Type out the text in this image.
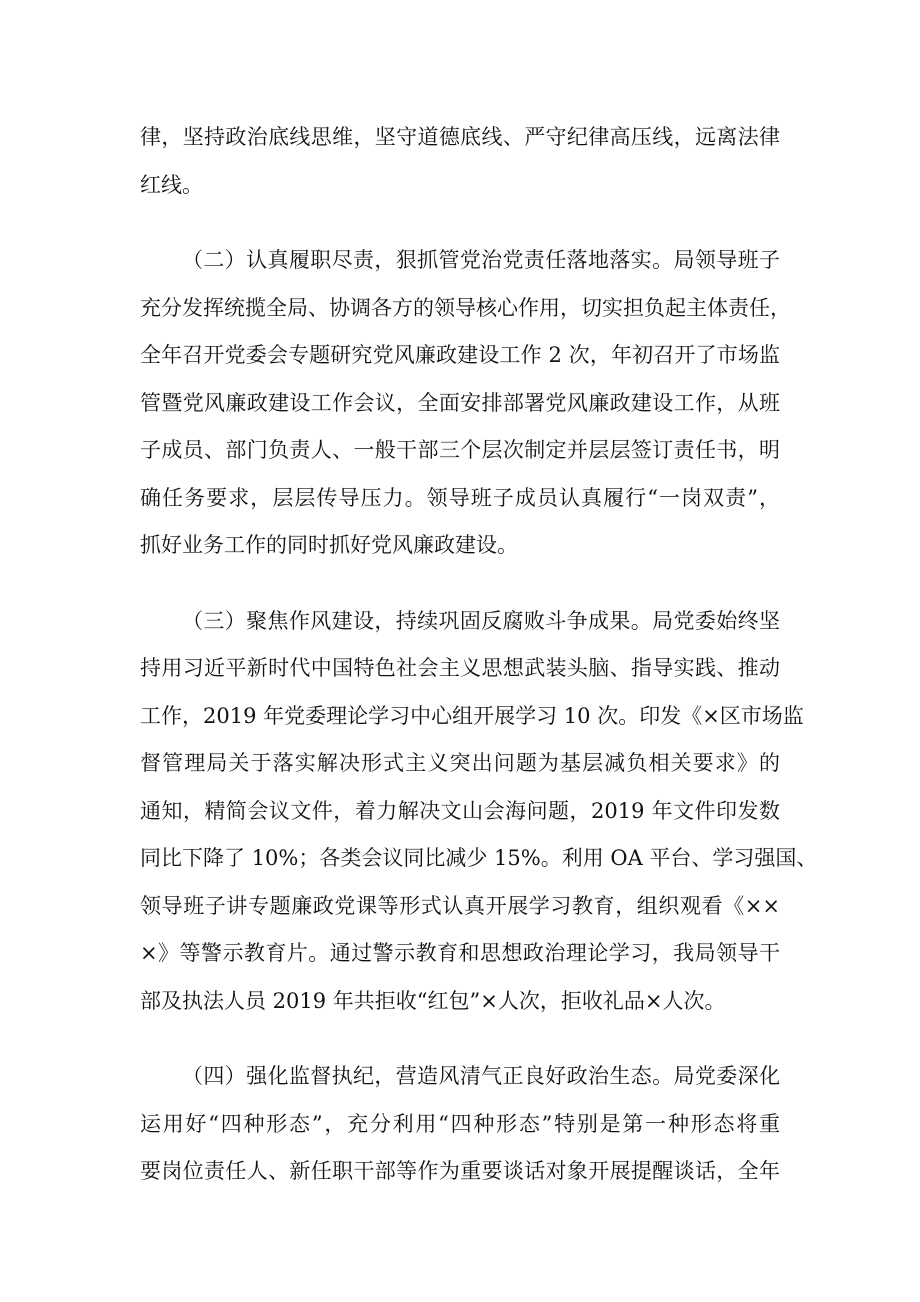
律，坚持政治底线思维，坚守道德底线、严守纪律高压线，远离法律
红线。
（二）认真履职尽责，狠抓管党治党责任落地落实。局领导班子
充分发挥统揽全局、协调各方的领导核心作用，切实担负起主体责任，
全年召开党委会专题研究党风廉政建设工作 2 次，年初召开了市场监
管暨党风廉政建设工作会议，全面安排部署党风廉政建设工作，从班
子成员、部门负责人、一般干部三个层次制定并层层签订责任书，明
确任务要求，层层传导压力。领导班子成员认真履行“一岗双责”，
抓好业务工作的同时抓好党风廉政建设。
（三）聚焦作风建设，持续巩固反腐败斗争成果。局党委始终坚
持用习近平新时代中国特色社会主义思想武装头脑、指导实践、推动
工作，2019 年党委理论学习中心组开展学习 10 次。印发《×区市场监
督管理局关于落实解决形式主义突出问题为基层减负相关要求》的
通知，精简会议文件，着力解决文山会海问题，2019 年文件印发数
同比下降了 10%；各类会议同比减少 15%。利用 OA 平台、学习强国、
领导班子讲专题廉政党课等形式认真开展学习教育，组织观看《××
×》等警示教育片。通过警示教育和思想政治理论学习，我局领导干
部及执法人员 2019 年共拒收“红包”×人次，拒收礼品×人次。
（四）强化监督执纪，营造风清气正良好政治生态。局党委深化
运用好“四种形态”，充分利用“四种形态”特别是第一种形态将重
要岗位责任人、新任职干部等作为重要谈话对象开展提醒谈话，全年
